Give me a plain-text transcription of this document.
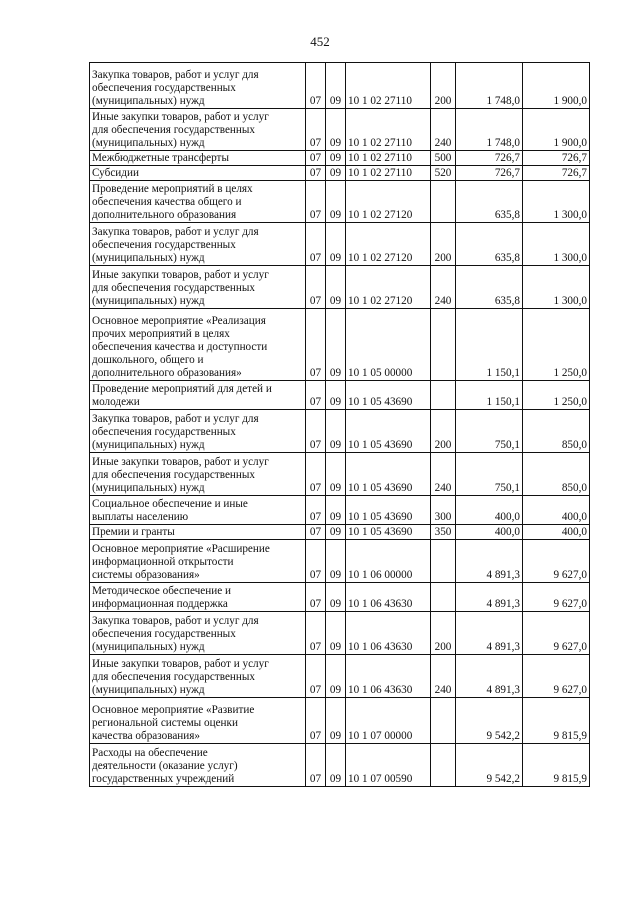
452
Закупка товаров, работ и услуг для
обеспечения государственных
(муниципальных) нужд	07	09	10 1 02 27110	200	1 748,0	1 900,0
Иные закупки товаров, работ и услуг
для обеспечения государственных
(муниципальных) нужд	07	09	10 1 02 27110	240	1 748,0	1 900,0
Межбюджетные трансферты	07	09	10 1 02 27110	500	726,7	726,7
Субсидии	07	09	10 1 02 27110	520	726,7	726,7
Проведение мероприятий в целях
обеспечения качества общего и
дополнительного образования	07	09	10 1 02 27120		635,8	1 300,0
Закупка товаров, работ и услуг для
обеспечения государственных
(муниципальных) нужд	07	09	10 1 02 27120	200	635,8	1 300,0
Иные закупки товаров, работ и услуг
для обеспечения государственных
(муниципальных) нужд	07	09	10 1 02 27120	240	635,8	1 300,0
Основное мероприятие «Реализация
прочих мероприятий в целях
обеспечения качества и доступности
дошкольного, общего и
дополнительного образования»	07	09	10 1 05 00000		1 150,1	1 250,0
Проведение мероприятий для детей и
молодежи	07	09	10 1 05 43690		1 150,1	1 250,0
Закупка товаров, работ и услуг для
обеспечения государственных
(муниципальных) нужд	07	09	10 1 05 43690	200	750,1	850,0
Иные закупки товаров, работ и услуг
для обеспечения государственных
(муниципальных) нужд	07	09	10 1 05 43690	240	750,1	850,0
Социальное обеспечение и иные
выплаты населению	07	09	10 1 05 43690	300	400,0	400,0
Премии и гранты	07	09	10 1 05 43690	350	400,0	400,0
Основное мероприятие «Расширение
информационной открытости
системы образования»	07	09	10 1 06 00000		4 891,3	9 627,0
Методическое обеспечение и
информационная поддержка	07	09	10 1 06 43630		4 891,3	9 627,0
Закупка товаров, работ и услуг для
обеспечения государственных
(муниципальных) нужд	07	09	10 1 06 43630	200	4 891,3	9 627,0
Иные закупки товаров, работ и услуг
для обеспечения государственных
(муниципальных) нужд	07	09	10 1 06 43630	240	4 891,3	9 627,0
Основное мероприятие «Развитие
региональной системы оценки
качества образования»	07	09	10 1 07 00000		9 542,2	9 815,9
Расходы на обеспечение
деятельности (оказание услуг)
государственных учреждений	07	09	10 1 07 00590		9 542,2	9 815,9
